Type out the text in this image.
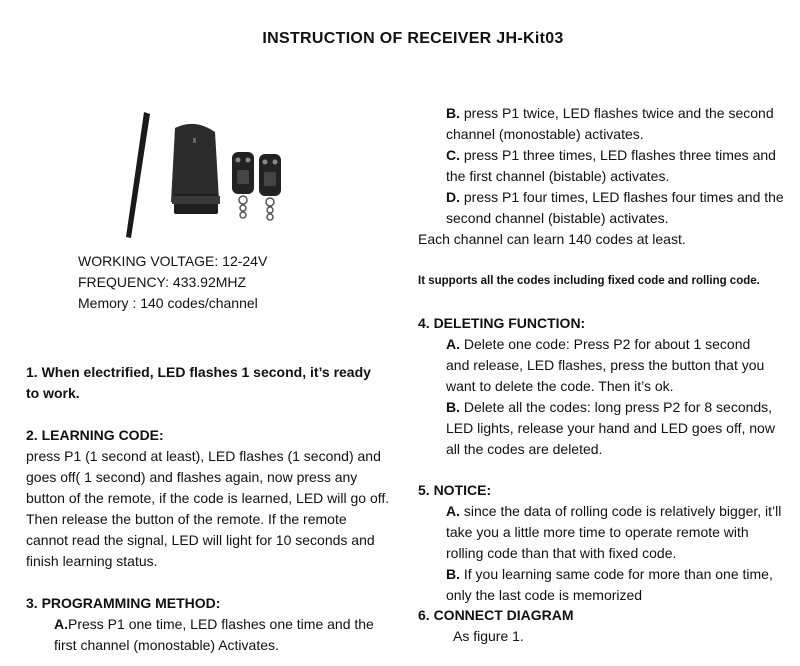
INSTRUCTION OF RECEIVER JH-Kit03
WORKING VOLTAGE: 12-24V
FREQUENCY: 433.92MHZ
Memory : 140 codes/channel
1. When electrified, LED flashes 1 second, it’s ready
to work.
2. LEARNING CODE:
press P1 (1 second at least), LED flashes (1 second) and
goes off( 1 second) and flashes again, now press any
button of the remote, if the code is learned, LED will go off.
Then release the button of the remote. If the remote
cannot read the signal, LED will light for 10 seconds and
finish learning status.
3. PROGRAMMING METHOD:
A.Press P1 one time, LED flashes one time and the
first channel (monostable) Activates.
B. press P1 twice, LED flashes twice and the second
channel (monostable) activates.
C. press P1 three times, LED flashes three times and
the first channel (bistable) activates.
D. press P1 four times, LED flashes four times and the
second channel (bistable) activates.
Each channel can learn 140 codes at least.
It supports all the codes including fixed code and rolling code.
4. DELETING FUNCTION:
A. Delete one code: Press P2 for about 1 second
and release, LED flashes, press the button that you
want to delete the code. Then it’s ok.
B. Delete all the codes: long press P2 for 8 seconds,
LED lights, release your hand and LED goes off, now
all the codes are deleted.
5. NOTICE:
A. since the data of rolling code is relatively bigger, it’ll
take you a little more time to operate remote with
rolling code than that with fixed code.
B. If you learning same code for more than one time,
only the last code is memorized
6. CONNECT DIAGRAM
As figure 1.
